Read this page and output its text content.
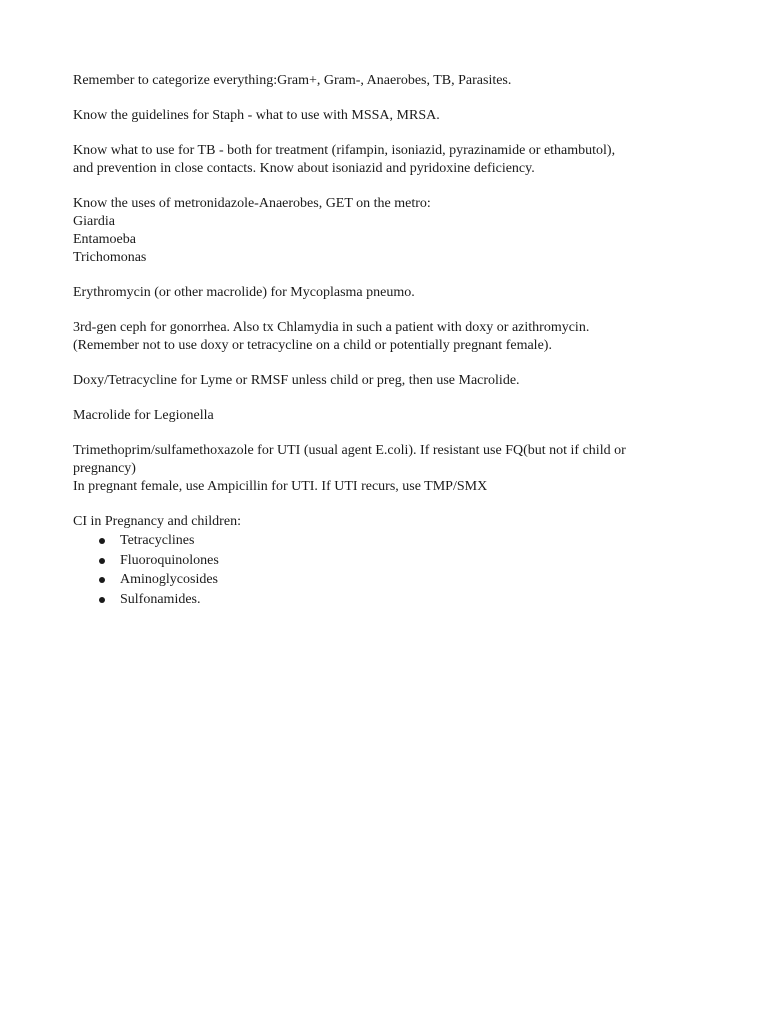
Remember to categorize everything:Gram+, Gram-, Anaerobes, TB, Parasites.
Know the guidelines for Staph - what to use with MSSA, MRSA.
Know what to use for TB - both for treatment (rifampin, isoniazid, pyrazinamide or ethambutol),
and prevention in close contacts. Know about isoniazid and pyridoxine deficiency.
Know the uses of metronidazole-Anaerobes, GET on the metro:
Giardia
Entamoeba
Trichomonas
Erythromycin (or other macrolide) for Mycoplasma pneumo.
3rd-gen ceph for gonorrhea. Also tx Chlamydia in such a patient with doxy or azithromycin.
(Remember not to use doxy or tetracycline on a child or potentially pregnant female).
Doxy/Tetracycline for Lyme or RMSF unless child or preg, then use Macrolide.
Macrolide for Legionella
Trimethoprim/sulfamethoxazole for UTI (usual agent E.coli). If resistant use FQ(but not if child or
pregnancy)
In pregnant female, use Ampicillin for UTI. If UTI recurs, use TMP/SMX
CI in Pregnancy and children:
Tetracyclines
Fluoroquinolones
Aminoglycosides
Sulfonamides.
